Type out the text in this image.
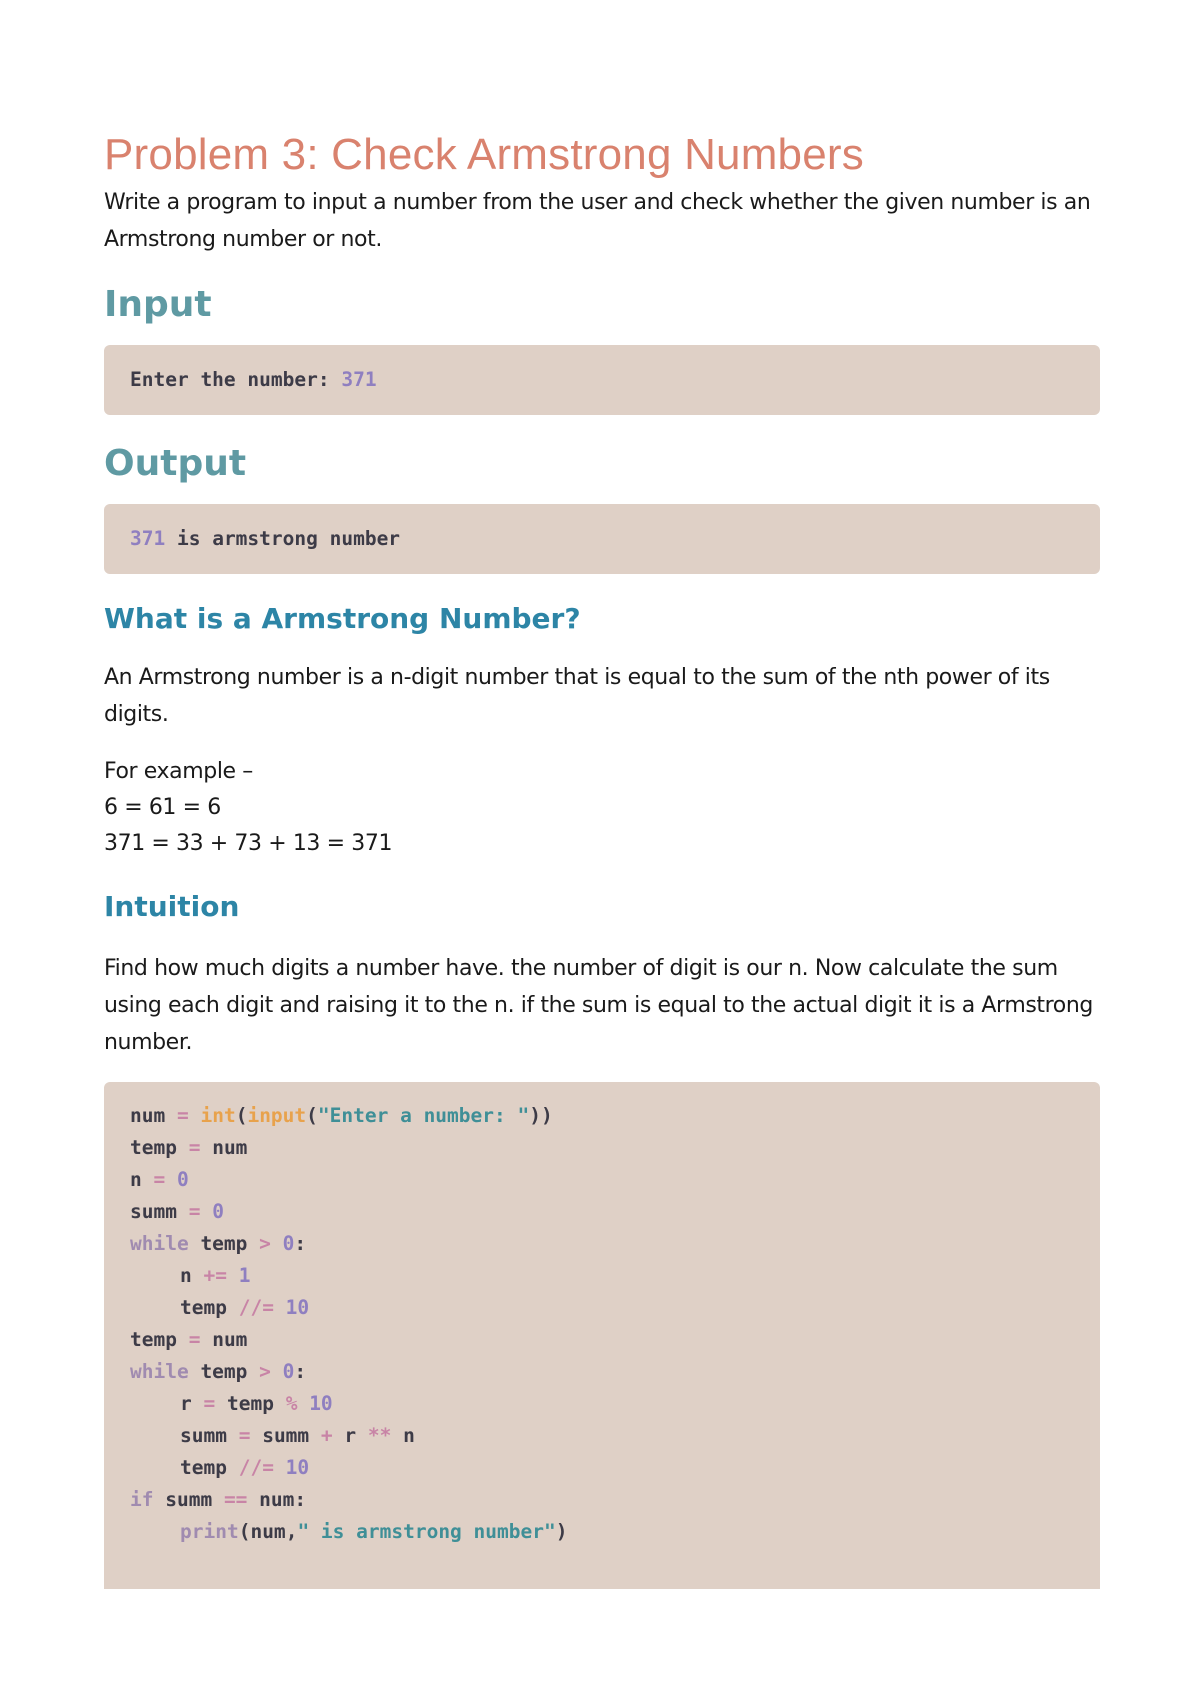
Problem 3: Check Armstrong Numbers

Write a program to input a number from the user and check whether the given number is an Armstrong number or not.

Input
Enter the number: 371
Output
371 is armstrong number
What is a Armstrong Number?

An Armstrong number is a n-digit number that is equal to the sum of the nth power of its digits.

For example –

6 = 61 = 6

371 = 33 + 73 + 13 = 371

Intuition

Find how much digits a number have. the number of digit is our n. Now calculate the sum using each digit and raising it to the n. if the sum is equal to the actual digit it is a Armstrong number.

num = int(input("Enter a number: "))
temp = num
n = 0
summ = 0
while temp > 0:
n += 1
temp //= 10
temp = num
while temp > 0:
r = temp % 10
summ = summ + r ** n
temp //= 10
if summ == num:
print(num," is armstrong number")
